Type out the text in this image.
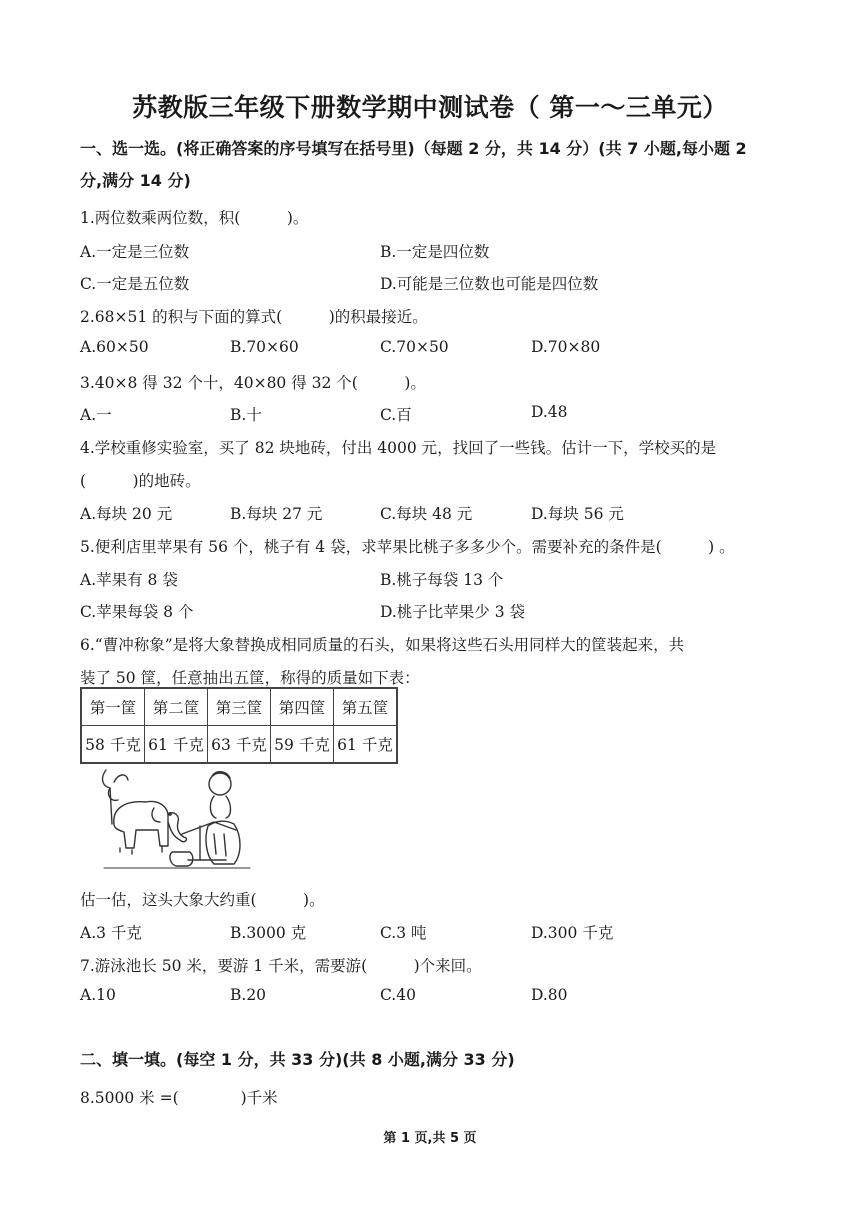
苏教版三年级下册数学期中测试卷（ 第一～三单元）
一、选一选。(将正确答案的序号填写在括号里)（每题 2 分，共 14 分）(共 7 小题,每小题 2
分,满分 14 分)
1.两位数乘两位数，积(　　　)。
A.一定是三位数	B.一定是四位数
C.一定是五位数	D.可能是三位数也可能是四位数
2.68×51 的积与下面的算式(　　　)的积最接近。
A.60×50	B.70×60	C.70×50	D.70×80
3.40×8 得 32 个十，40×80 得 32 个(　　　)。
A.一	B.十	C.百	D.48
4.学校重修实验室，买了 82 块地砖，付出 4000 元，找回了一些钱。估计一下，学校买的是
(　　　)的地砖。
A.每块 20 元	B.每块 27 元	C.每块 48 元	D.每块 56 元
5.便利店里苹果有 56 个，桃子有 4 袋，求苹果比桃子多多少个。需要补充的条件是(　　　) 。
A.苹果有 8 袋	B.桃子每袋 13 个
C.苹果每袋 8 个	D.桃子比苹果少 3 袋
6.“曹冲称象”是将大象替换成相同质量的石头，如果将这些石头用同样大的筐装起来，共
装了 50 筐，任意抽出五筐，称得的质量如下表：
第一筐	第二筐	第三筐	第四筐	第五筐
58 千克	61 千克	63 千克	59 千克	61 千克
估一估，这头大象大约重(　　　)。
A.3 千克	B.3000 克	C.3 吨	D.300 千克
7.游泳池长 50 米，要游 1 千米，需要游(　　　)个来回。
A.10	B.20	C.40	D.80
二、填一填。(每空 1 分，共 33 分)(共 8 小题,满分 33 分)
8.5000 米 =(　　　　)千米
第 1 页,共 5 页
